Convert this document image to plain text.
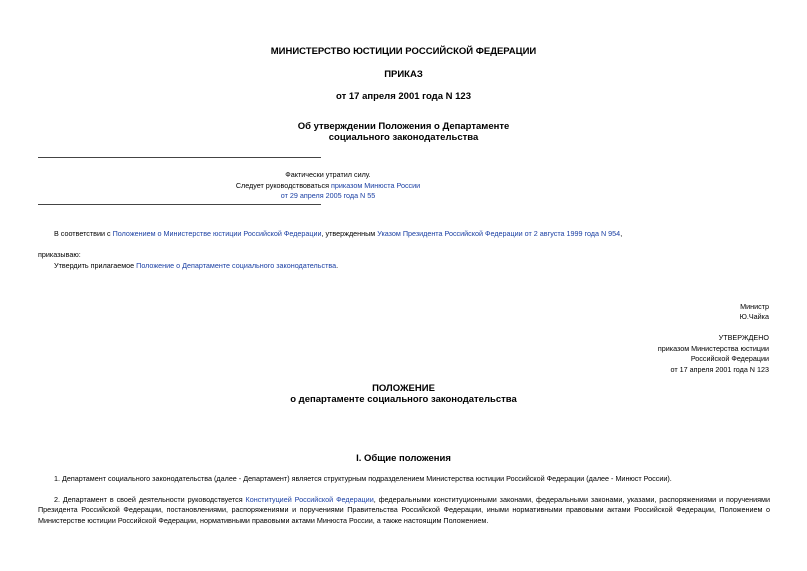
МИНИСТЕРСТВО ЮСТИЦИИ РОССИЙСКОЙ ФЕДЕРАЦИИ
ПРИКАЗ
от 17 апреля 2001 года N 123
Об утверждении Положения о Департаменте
социального законодательства
Фактически утратил силу.
Следует руководствоваться приказом Минюста России
от 29 апреля 2005 года N 55
В соответствии с Положением о Министерстве юстиции Российской Федерации, утвержденным Указом Президента Российской Федерации от 2 августа 1999 года N 954,
приказываю:
Утвердить прилагаемое Положение о Департаменте социального законодательства.
Министр
Ю.Чайка
УТВЕРЖДЕНО
приказом Министерства юстиции
Российской Федерации
от 17 апреля 2001 года N 123
ПОЛОЖЕНИЕ
о департаменте социального законодательства
I. Общие положения
1. Департамент социального законодательства (далее - Департамент) является структурным подразделением Министерства юстиции Российской Федерации (далее - Минюст России).
2. Департамент в своей деятельности руководствуется Конституцией Российской Федерации, федеральными конституционными законами, федеральными законами, указами, распоряжениями и поручениями Президента Российской Федерации, постановлениями, распоряжениями и поручениями Правительства Российской Федерации, иными нормативными правовыми актами Российской Федерации, Положением о Министерстве юстиции Российской Федерации, нормативными правовыми актами Минюста России, а также настоящим Положением.
